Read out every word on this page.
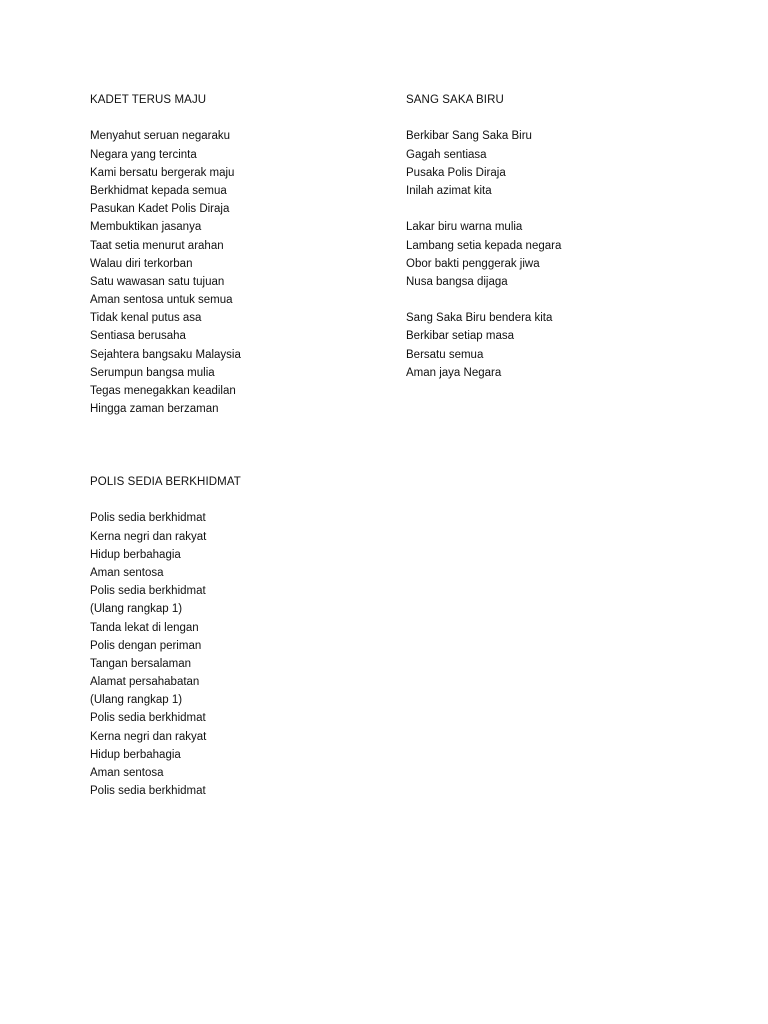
KADET TERUS MAJU
Menyahut seruan negaraku
Negara yang tercinta
Kami bersatu bergerak maju
Berkhidmat kepada semua
Pasukan Kadet Polis Diraja
Membuktikan jasanya
Taat setia menurut arahan
Walau diri terkorban
Satu wawasan satu tujuan
Aman sentosa untuk semua
Tidak kenal putus asa
Sentiasa berusaha
Sejahtera bangsaku Malaysia
Serumpun bangsa mulia
Tegas menegakkan keadilan
Hingga zaman berzaman
SANG SAKA BIRU
Berkibar Sang Saka Biru
Gagah sentiasa
Pusaka Polis Diraja
Inilah azimat kita
Lakar biru warna mulia
Lambang setia kepada negara
Obor bakti penggerak jiwa
Nusa bangsa dijaga
Sang Saka Biru bendera kita
Berkibar setiap masa
Bersatu semua
Aman jaya Negara
POLIS SEDIA BERKHIDMAT
Polis sedia berkhidmat
Kerna negri dan rakyat
Hidup berbahagia
Aman sentosa
Polis sedia berkhidmat
(Ulang rangkap 1)
Tanda lekat di lengan
Polis dengan periman
Tangan bersalaman
Alamat persahabatan
(Ulang rangkap 1)
Polis sedia berkhidmat
Kerna negri dan rakyat
Hidup berbahagia
Aman sentosa
Polis sedia berkhidmat
